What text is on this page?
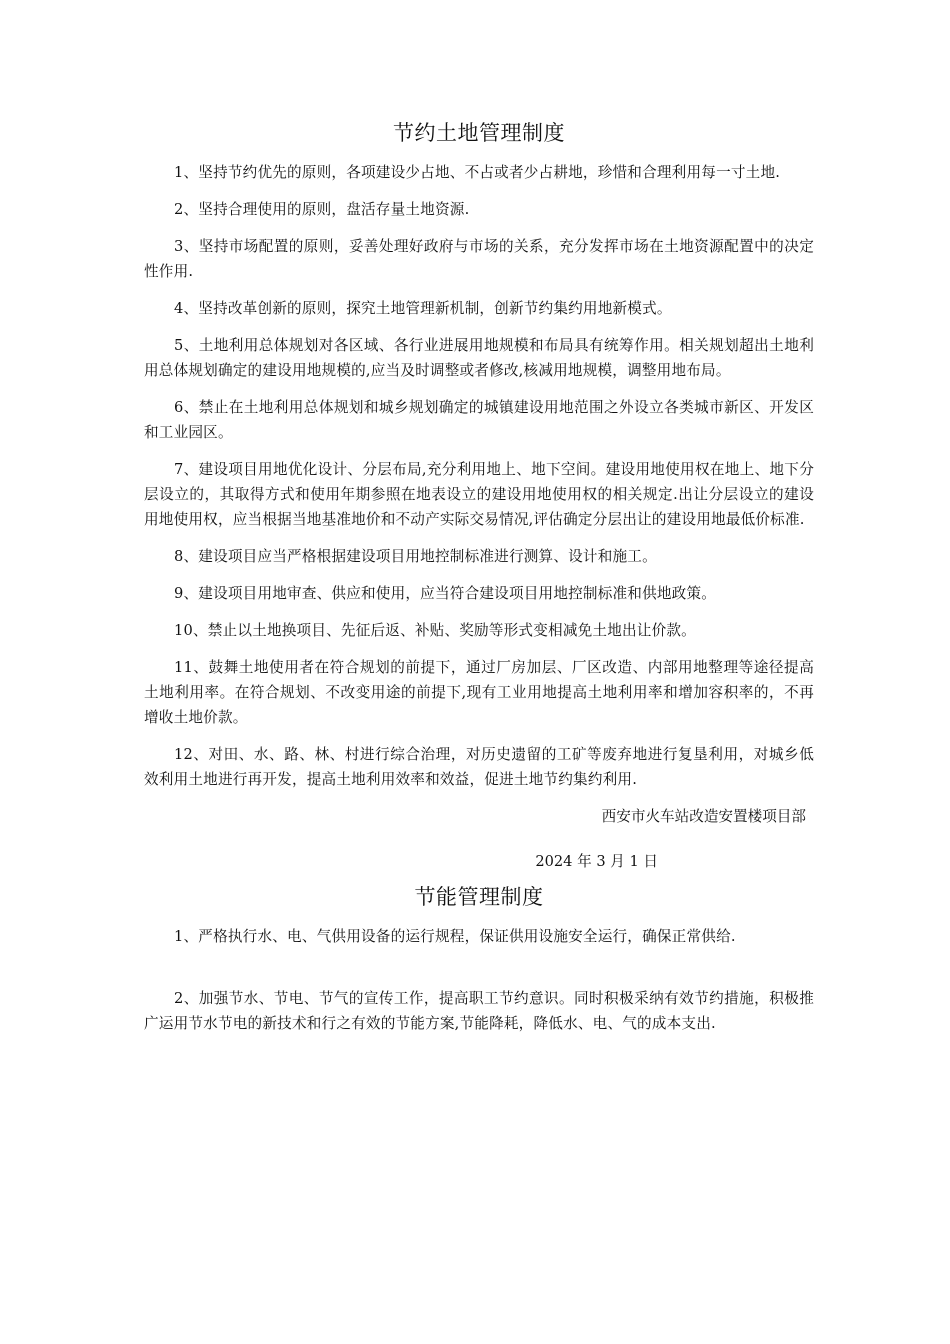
节约土地管理制度

1、坚持节约优先的原则，各项建设少占地、不占或者少占耕地，珍惜和合理利用每一寸土地.

2、坚持合理使用的原则，盘活存量土地资源.

3、坚持市场配置的原则，妥善处理好政府与市场的关系，充分发挥市场在土地资源配置中的决定性作用.

4、坚持改革创新的原则，探究土地管理新机制，创新节约集约用地新模式。

5、土地利用总体规划对各区域、各行业进展用地规模和布局具有统筹作用。相关规划超出土地利用总体规划确定的建设用地规模的,应当及时调整或者修改,核减用地规模，调整用地布局。

6、禁止在土地利用总体规划和城乡规划确定的城镇建设用地范围之外设立各类城市新区、开发区和工业园区。

7、建设项目用地优化设计、分层布局,充分利用地上、地下空间。建设用地使用权在地上、地下分层设立的，其取得方式和使用年期参照在地表设立的建设用地使用权的相关规定.出让分层设立的建设用地使用权，应当根据当地基准地价和不动产实际交易情况,评估确定分层出让的建设用地最低价标准.

8、建设项目应当严格根据建设项目用地控制标准进行测算、设计和施工。

9、建设项目用地审查、供应和使用，应当符合建设项目用地控制标准和供地政策。

10、禁止以土地换项目、先征后返、补贴、奖励等形式变相减免土地出让价款。

11、鼓舞土地使用者在符合规划的前提下，通过厂房加层、厂区改造、内部用地整理等途径提高土地利用率。在符合规划、不改变用途的前提下,现有工业用地提高土地利用率和增加容积率的，不再增收土地价款。

12、对田、水、路、林、村进行综合治理，对历史遗留的工矿等废弃地进行复垦利用，对城乡低效利用土地进行再开发，提高土地利用效率和效益，促进土地节约集约利用.

西安市火车站改造安置楼项目部
2024 年 3 月 1 日
节能管理制度

1、严格执行水、电、气供用设备的运行规程，保证供用设施安全运行，确保正常供给.

2、加强节水、节电、节气的宣传工作，提高职工节约意识。同时积极采纳有效节约措施，积极推广运用节水节电的新技术和行之有效的节能方案,节能降耗，降低水、电、气的成本支出.
